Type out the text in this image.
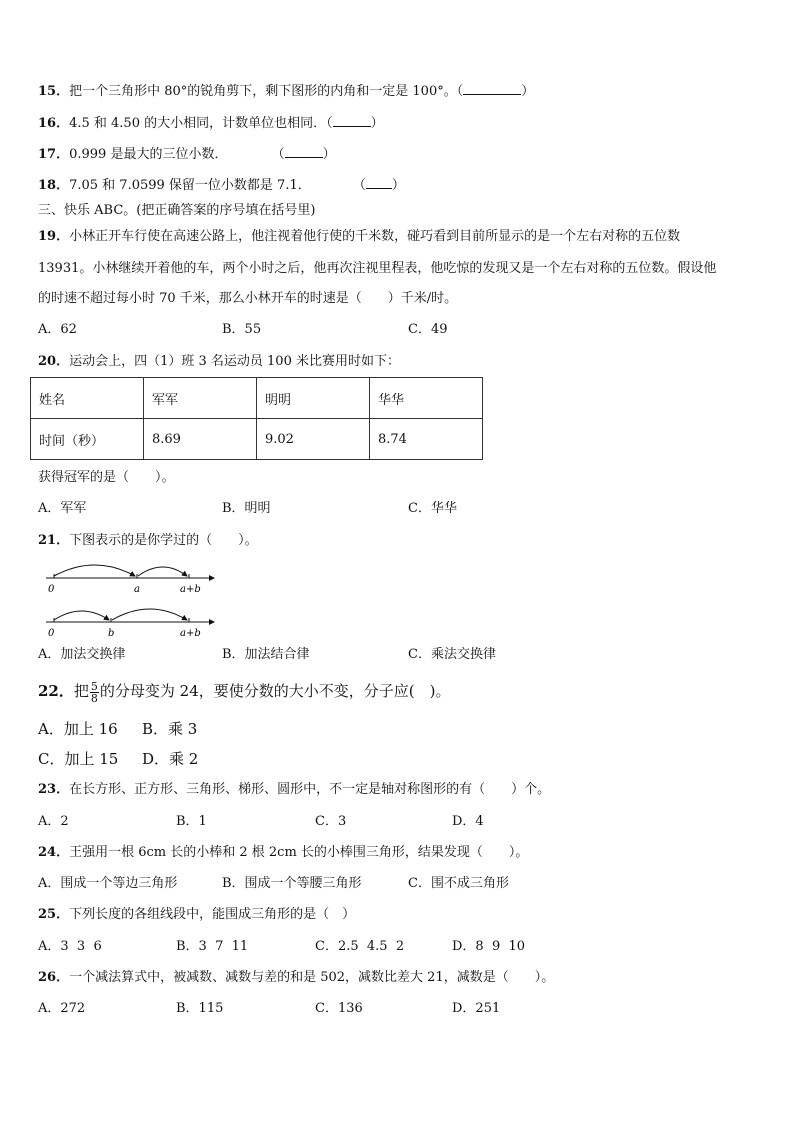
15．把一个三角形中 80°的锐角剪下，剩下图形的内角和一定是 100°。（	）
16．4.5 和 4.50 的大小相同，计数单位也相同．（	）
17．0.999 是最大的三位小数．	（	）
18．7.05 和 7.0599 保留一位小数都是 7.1．	（ ）
三、快乐 ABC。(把正确答案的序号填在括号里)
19．小林正开车行使在高速公路上，他注视着他行使的千米数，碰巧看到目前所显示的是一个左右对称的五位数
13931。小林继续开着他的车，两个小时之后，他再次注视里程表，他吃惊的发现又是一个左右对称的五位数。假设他
的时速不超过每小时 70 千米，那么小林开车的时速是（　　）千米/时。
A．62	B．55	C．49
20．运动会上，四（1）班 3 名运动员 100 米比赛用时如下：
姓名	军军	明明	华华
时间（秒）	8.69	9.02	8.74
获得冠军的是（　　）。
A．军军	B．明明	C．华华
21．下图表示的是你学过的（　　）。
0	a	a+b
0	b	a+b
A．加法交换律	B．加法结合律	C．乘法交换律
22．把 $\frac{5}{8}$ 的分母变为 24，要使分数的大小不变，分子应(　)。
A．加上 16 B．乘 3
C．加上 15 D．乘 2
23．在长方形、正方形、三角形、梯形、圆形中，不一定是轴对称图形的有（　　）个。
A．2	B．1	C．3	D．4
24．王强用一根 6cm 长的小棒和 2 根 2cm 长的小棒围三角形，结果发现（　　）。
A．围成一个等边三角形	B．围成一个等腰三角形	C．围不成三角形
25．下列长度的各组线段中，能围成三角形的是（　）
A．3  3  6	B．3  7  11	C．2.5  4.5  2	D．8  9  10
26．一个减法算式中，被减数、减数与差的和是 502，减数比差大 21，减数是（　　）。
A．272	B．115	C．136	D．251
